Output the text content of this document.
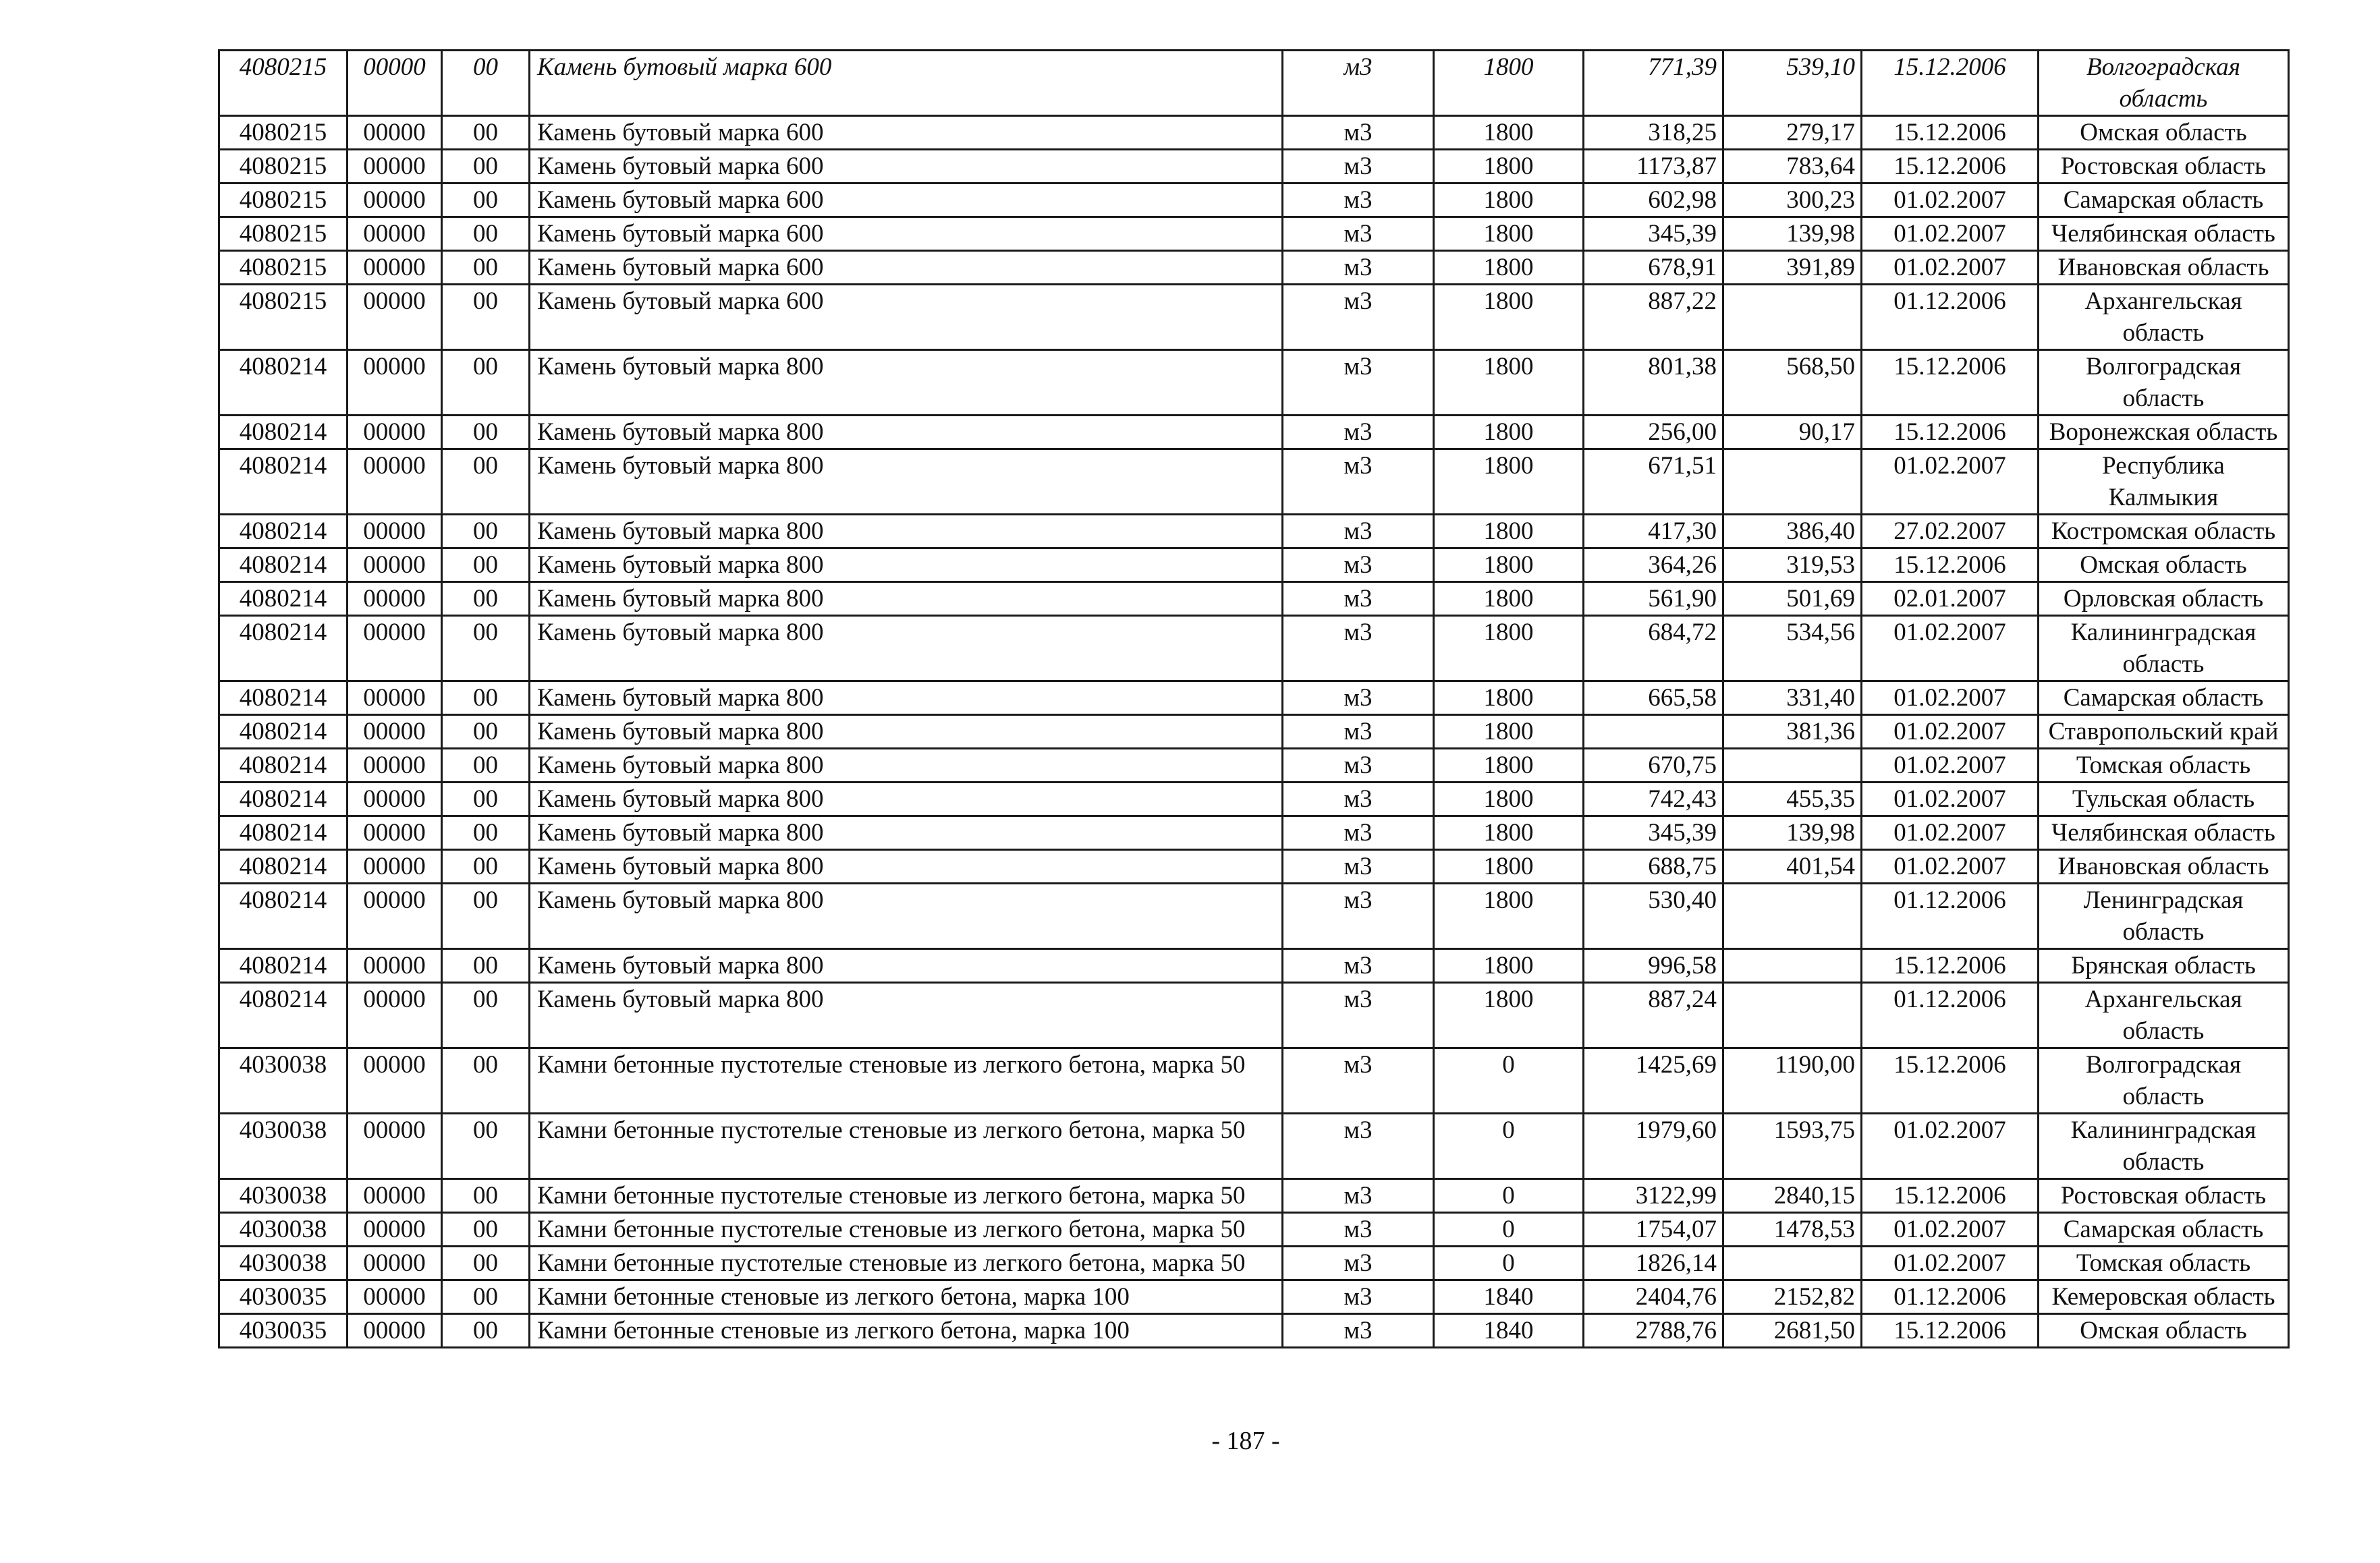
4080215	00000	00	Камень бутовый марка 600	м3	1800	771,39	539,10	15.12.2006	Волгоградская область
4080215	00000	00	Камень бутовый марка 600	м3	1800	318,25	279,17	15.12.2006	Омская область
4080215	00000	00	Камень бутовый марка 600	м3	1800	1173,87	783,64	15.12.2006	Ростовская область
4080215	00000	00	Камень бутовый марка 600	м3	1800	602,98	300,23	01.02.2007	Самарская область
4080215	00000	00	Камень бутовый марка 600	м3	1800	345,39	139,98	01.02.2007	Челябинская область
4080215	00000	00	Камень бутовый марка 600	м3	1800	678,91	391,89	01.02.2007	Ивановская область
4080215	00000	00	Камень бутовый марка 600	м3	1800	887,22		01.12.2006	Архангельская область
4080214	00000	00	Камень бутовый марка 800	м3	1800	801,38	568,50	15.12.2006	Волгоградская область
4080214	00000	00	Камень бутовый марка 800	м3	1800	256,00	90,17	15.12.2006	Воронежская область
4080214	00000	00	Камень бутовый марка 800	м3	1800	671,51		01.02.2007	Республика Калмыкия
4080214	00000	00	Камень бутовый марка 800	м3	1800	417,30	386,40	27.02.2007	Костромская область
4080214	00000	00	Камень бутовый марка 800	м3	1800	364,26	319,53	15.12.2006	Омская область
4080214	00000	00	Камень бутовый марка 800	м3	1800	561,90	501,69	02.01.2007	Орловская область
4080214	00000	00	Камень бутовый марка 800	м3	1800	684,72	534,56	01.02.2007	Калининградская область
4080214	00000	00	Камень бутовый марка 800	м3	1800	665,58	331,40	01.02.2007	Самарская область
4080214	00000	00	Камень бутовый марка 800	м3	1800		381,36	01.02.2007	Ставропольский край
4080214	00000	00	Камень бутовый марка 800	м3	1800	670,75		01.02.2007	Томская область
4080214	00000	00	Камень бутовый марка 800	м3	1800	742,43	455,35	01.02.2007	Тульская область
4080214	00000	00	Камень бутовый марка 800	м3	1800	345,39	139,98	01.02.2007	Челябинская область
4080214	00000	00	Камень бутовый марка 800	м3	1800	688,75	401,54	01.02.2007	Ивановская область
4080214	00000	00	Камень бутовый марка 800	м3	1800	530,40		01.12.2006	Ленинградская область
4080214	00000	00	Камень бутовый марка 800	м3	1800	996,58		15.12.2006	Брянская область
4080214	00000	00	Камень бутовый марка 800	м3	1800	887,24		01.12.2006	Архангельская область
4030038	00000	00	Камни бетонные пустотелые стеновые из легкого бетона, марка 50	м3	0	1425,69	1190,00	15.12.2006	Волгоградская область
4030038	00000	00	Камни бетонные пустотелые стеновые из легкого бетона, марка 50	м3	0	1979,60	1593,75	01.02.2007	Калининградская область
4030038	00000	00	Камни бетонные пустотелые стеновые из легкого бетона, марка 50	м3	0	3122,99	2840,15	15.12.2006	Ростовская область
4030038	00000	00	Камни бетонные пустотелые стеновые из легкого бетона, марка 50	м3	0	1754,07	1478,53	01.02.2007	Самарская область
4030038	00000	00	Камни бетонные пустотелые стеновые из легкого бетона, марка 50	м3	0	1826,14		01.02.2007	Томская область
4030035	00000	00	Камни бетонные стеновые из легкого бетона, марка 100	м3	1840	2404,76	2152,82	01.12.2006	Кемеровская область
4030035	00000	00	Камни бетонные стеновые из легкого бетона, марка 100	м3	1840	2788,76	2681,50	15.12.2006	Омская область
- 187 -
